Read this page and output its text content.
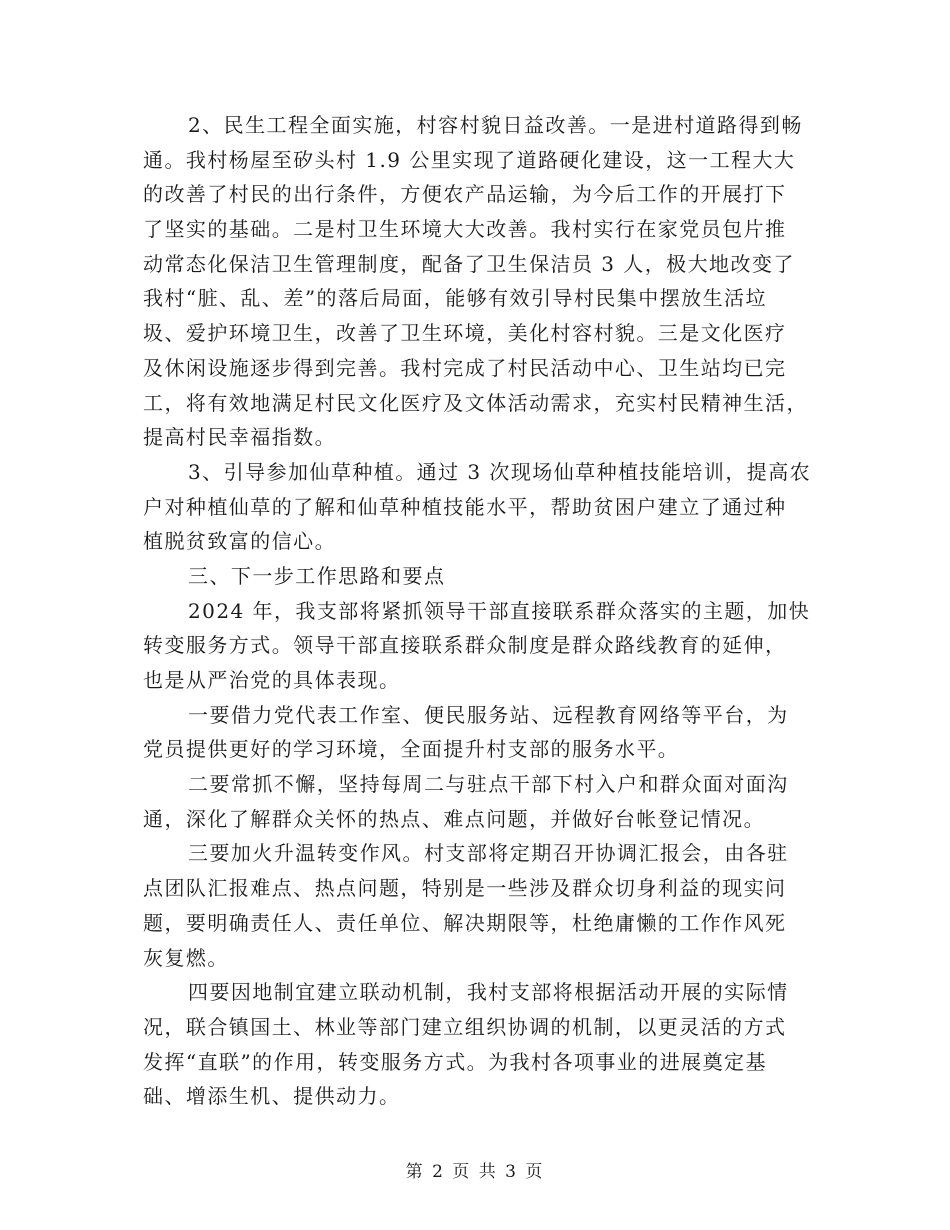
2、民生工程全面实施，村容村貌日益改善。一是进村道路得到畅
通。我村杨屋至矽头村 1.9 公里实现了道路硬化建设，这一工程大大
的改善了村民的出行条件，方便农产品运输，为今后工作的开展打下
了坚实的基础。二是村卫生环境大大改善。我村实行在家党员包片推
动常态化保洁卫生管理制度，配备了卫生保洁员 3 人，极大地改变了
我村“脏、乱、差”的落后局面，能够有效引导村民集中摆放生活垃
圾、爱护环境卫生，改善了卫生环境，美化村容村貌。三是文化医疗
及休闲设施逐步得到完善。我村完成了村民活动中心、卫生站均已完
工，将有效地满足村民文化医疗及文体活动需求，充实村民精神生活，
提高村民幸福指数。
3、引导参加仙草种植。通过 3 次现场仙草种植技能培训，提高农
户对种植仙草的了解和仙草种植技能水平，帮助贫困户建立了通过种
植脱贫致富的信心。
三、下一步工作思路和要点
2024 年，我支部将紧抓领导干部直接联系群众落实的主题，加快
转变服务方式。领导干部直接联系群众制度是群众路线教育的延伸，
也是从严治党的具体表现。
一要借力党代表工作室、便民服务站、远程教育网络等平台，为
党员提供更好的学习环境，全面提升村支部的服务水平。
二要常抓不懈，坚持每周二与驻点干部下村入户和群众面对面沟
通，深化了解群众关怀的热点、难点问题，并做好台帐登记情况。
三要加火升温转变作风。村支部将定期召开协调汇报会，由各驻
点团队汇报难点、热点问题，特别是一些涉及群众切身利益的现实问
题，要明确责任人、责任单位、解决期限等，杜绝庸懒的工作作风死
灰复燃。
四要因地制宜建立联动机制，我村支部将根据活动开展的实际情
况，联合镇国土、林业等部门建立组织协调的机制，以更灵活的方式
发挥“直联”的作用，转变服务方式。为我村各项事业的进展奠定基
础、增添生机、提供动力。
第 2 页 共 3 页
